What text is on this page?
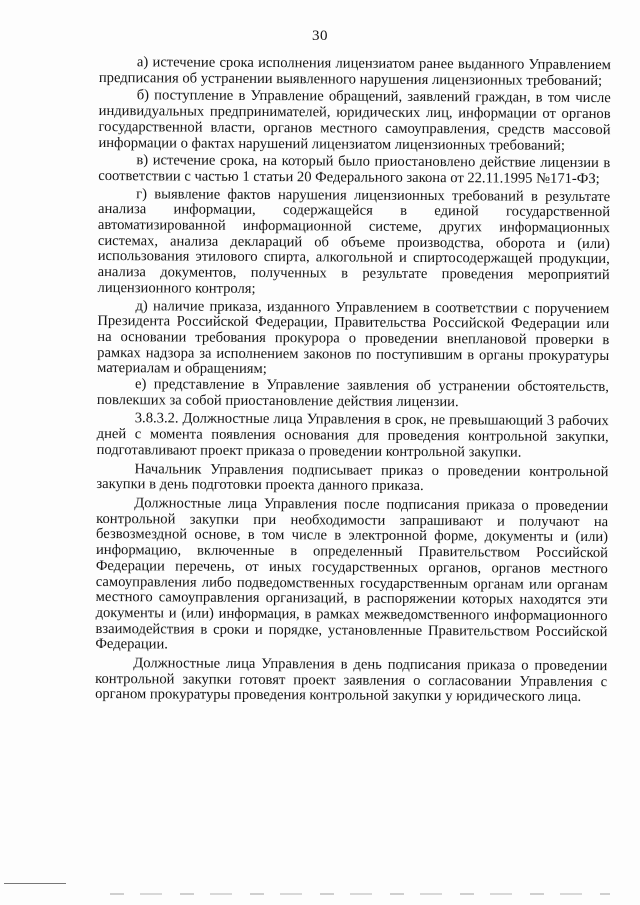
30

а) истечение срока исполнения лицензиатом ранее выданного Управлением предписания об устранении выявленного нарушения лицензионных требований;

б) поступление в Управление обращений, заявлений граждан, в том числе индивидуальных предпринимателей, юридических лиц, информации от органов государственной власти, органов местного самоуправления, средств массовой информации о фактах нарушений лицензиатом лицензионных требований;

в) истечение срока, на который было приостановлено действие лицензии в соответствии с частью 1 статьи 20 Федерального закона от 22.11.1995 №171-ФЗ;

г) выявление фактов нарушения лицензионных требований в результате анализа информации, содержащейся в единой государственной автоматизированной информационной системе, других информационных системах, анализа деклараций об объеме производства, оборота и (или) использования этилового спирта, алкогольной и спиртосодержащей продукции, анализа документов, полученных в результате проведения мероприятий лицензионного контроля;

д) наличие приказа, изданного Управлением в соответствии с поручением Президента Российской Федерации, Правительства Российской Федерации или на основании требования прокурора о проведении внеплановой проверки в рамках надзора за исполнением законов по поступившим в органы прокуратуры материалам и обращениям;

е) представление в Управление заявления об устранении обстоятельств, повлекших за собой приостановление действия лицензии.

3.8.3.2. Должностные лица Управления в срок, не превышающий 3 рабочих дней с момента появления основания для проведения контрольной закупки, подготавливают проект приказа о проведении контрольной закупки.

Начальник Управления подписывает приказ о проведении контрольной закупки в день подготовки проекта данного приказа.

Должностные лица Управления после подписания приказа о проведении контрольной закупки при необходимости запрашивают и получают на безвозмездной основе, в том числе в электронной форме, документы и (или) информацию, включенные в определенный Правительством Российской Федерации перечень, от иных государственных органов, органов местного самоуправления либо подведомственных государственным органам или органам местного самоуправления организаций, в распоряжении которых находятся эти документы и (или) информация, в рамках межведомственного информационного взаимодействия в сроки и порядке, установленные Правительством Российской Федерации.

Должностные лица Управления в день подписания приказа о проведении контрольной закупки готовят проект заявления о согласовании Управления с органом прокуратуры проведения контрольной закупки у юридического лица.
